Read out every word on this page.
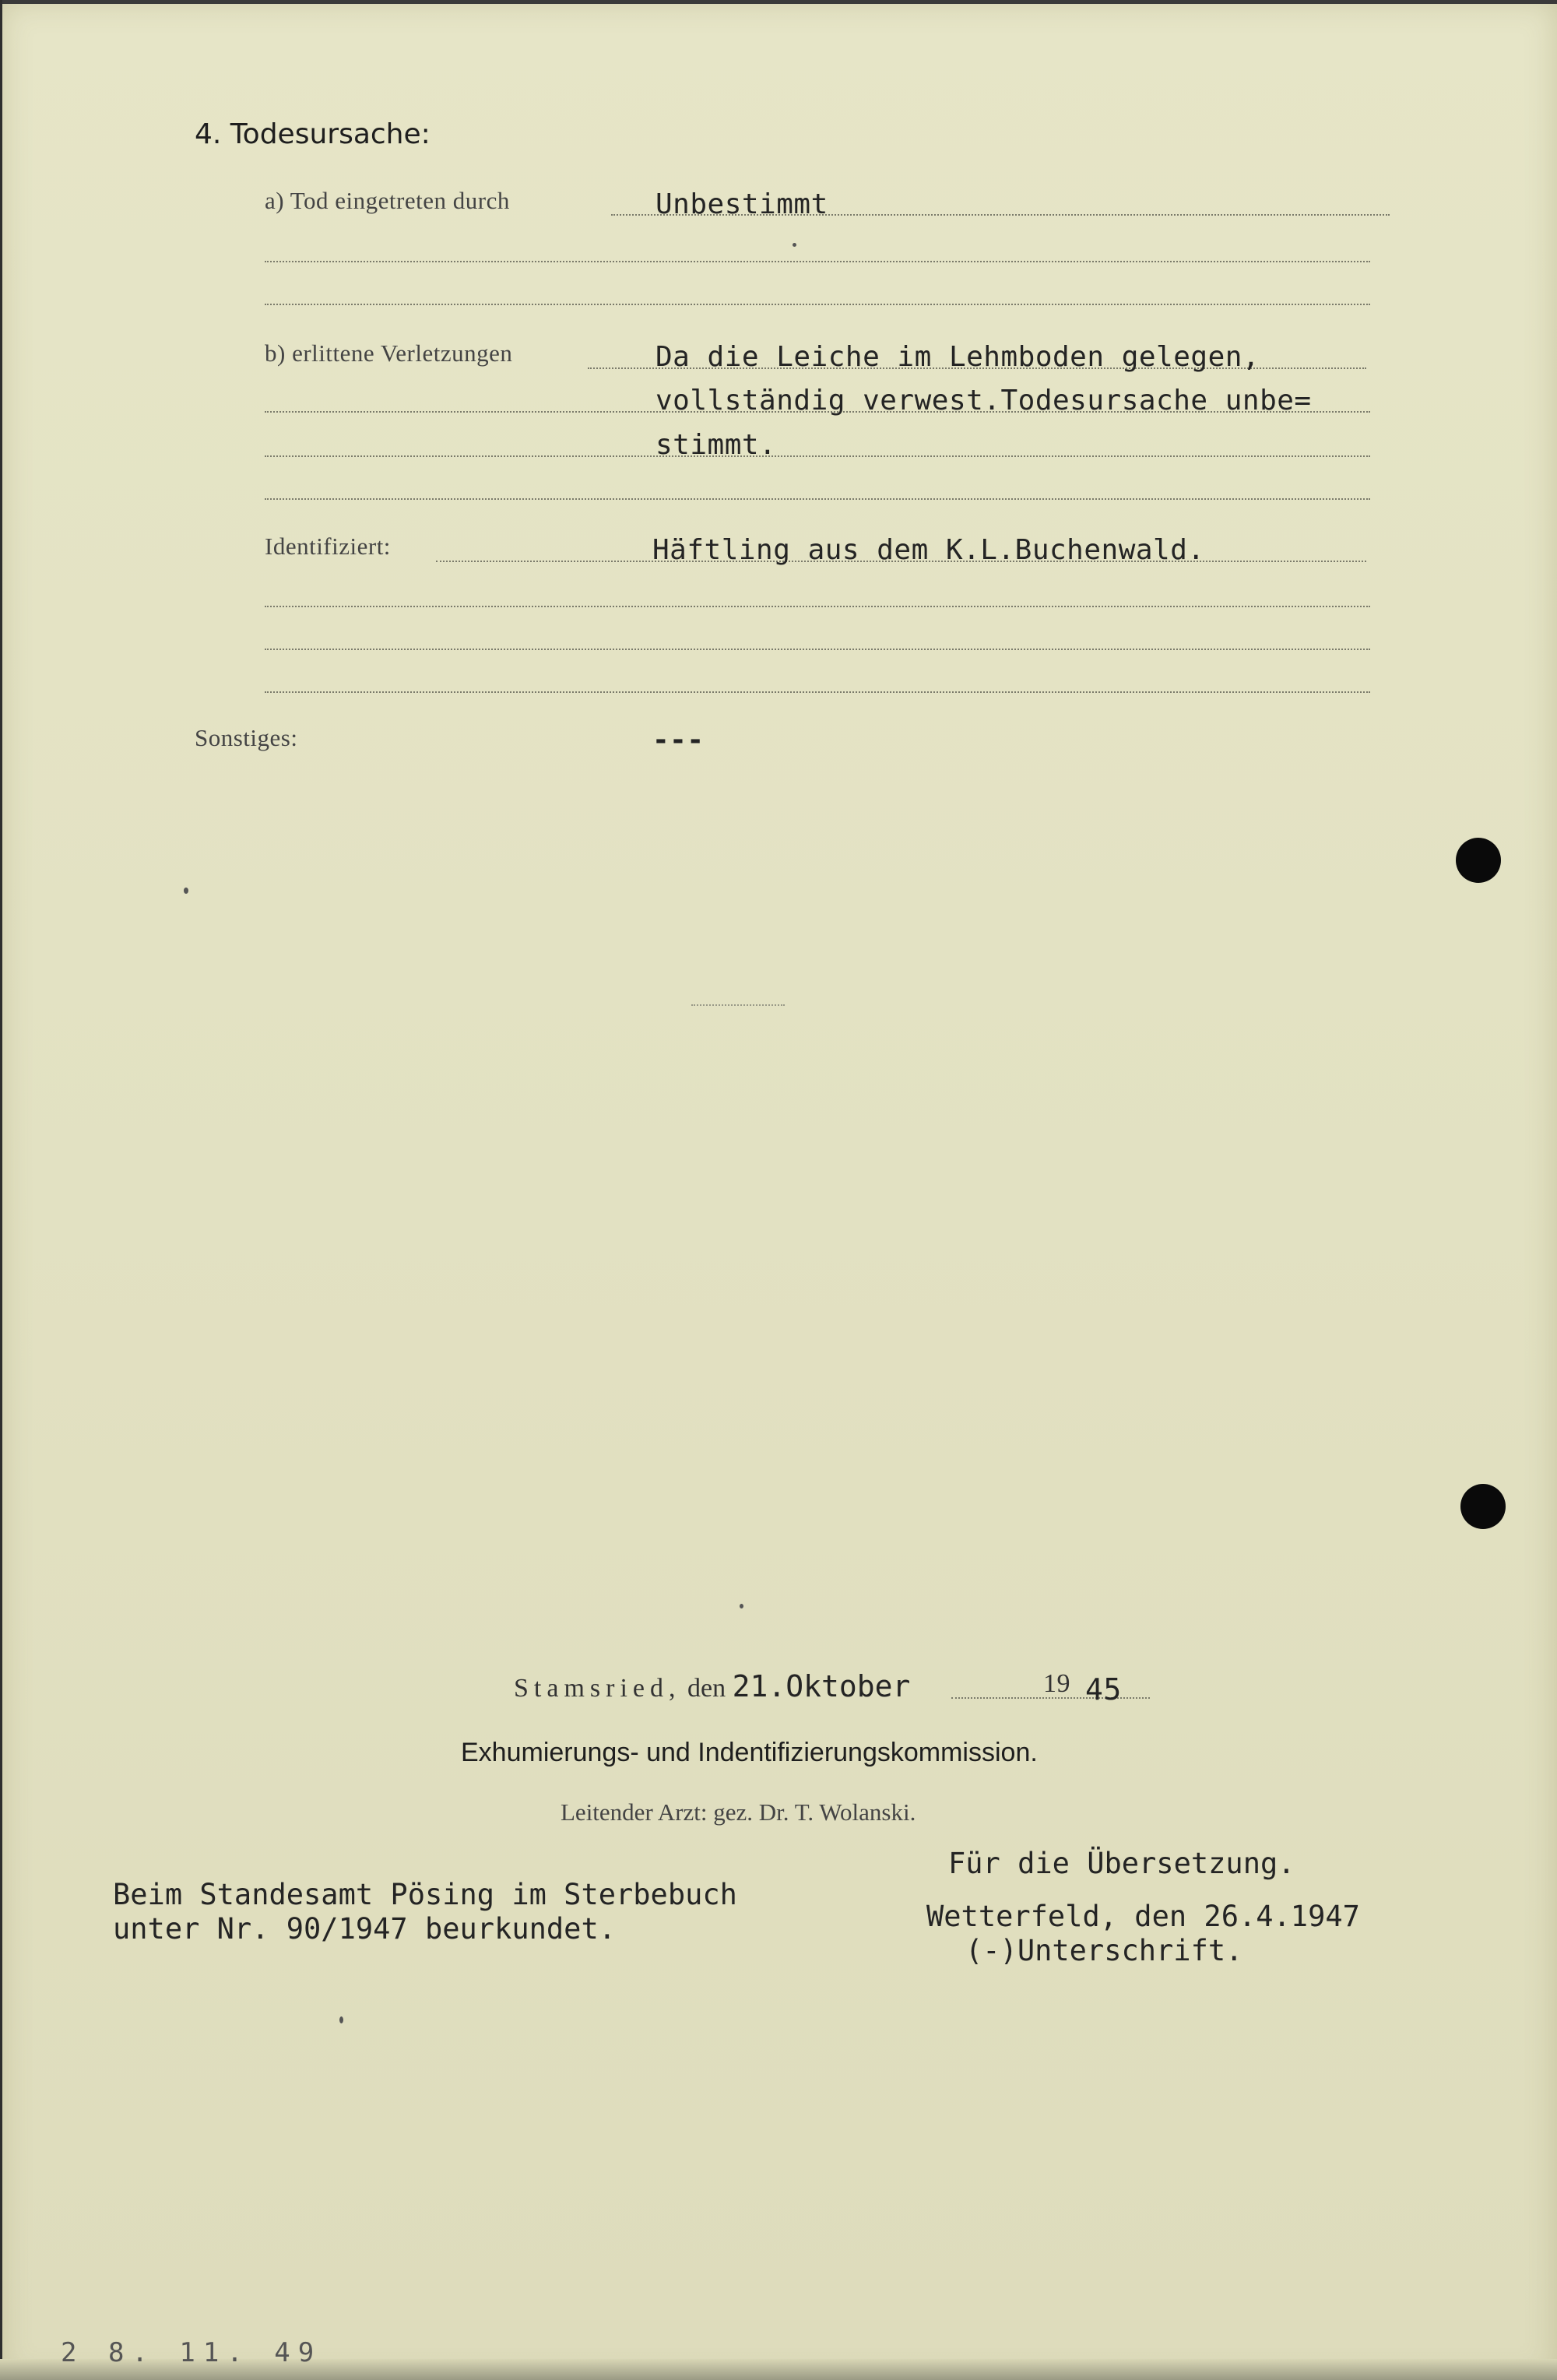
4. Todesursache:
a) Tod eingetreten durch	Unbestimmt
b) erlittene Verletzungen	Da die Leiche im Lehmboden gelegen,
vollständig verwest.Todesursache unbe=
stimmt.
Identifiziert:	Häftling aus dem K.L.Buchenwald.
Sonstiges:	---
Stamsried, den 21.Oktober	19 45
Exhumierungs- und Indentifizierungskommission.
Leitender Arzt: gez. Dr. T. Wolanski.
Beim Standesamt Pösing im Sterbebuch
unter Nr. 90/1947 beurkundet.
Für die Übersetzung.
Wetterfeld, den 26.4.1947
(-)Unterschrift.
2 8. 11. 49
